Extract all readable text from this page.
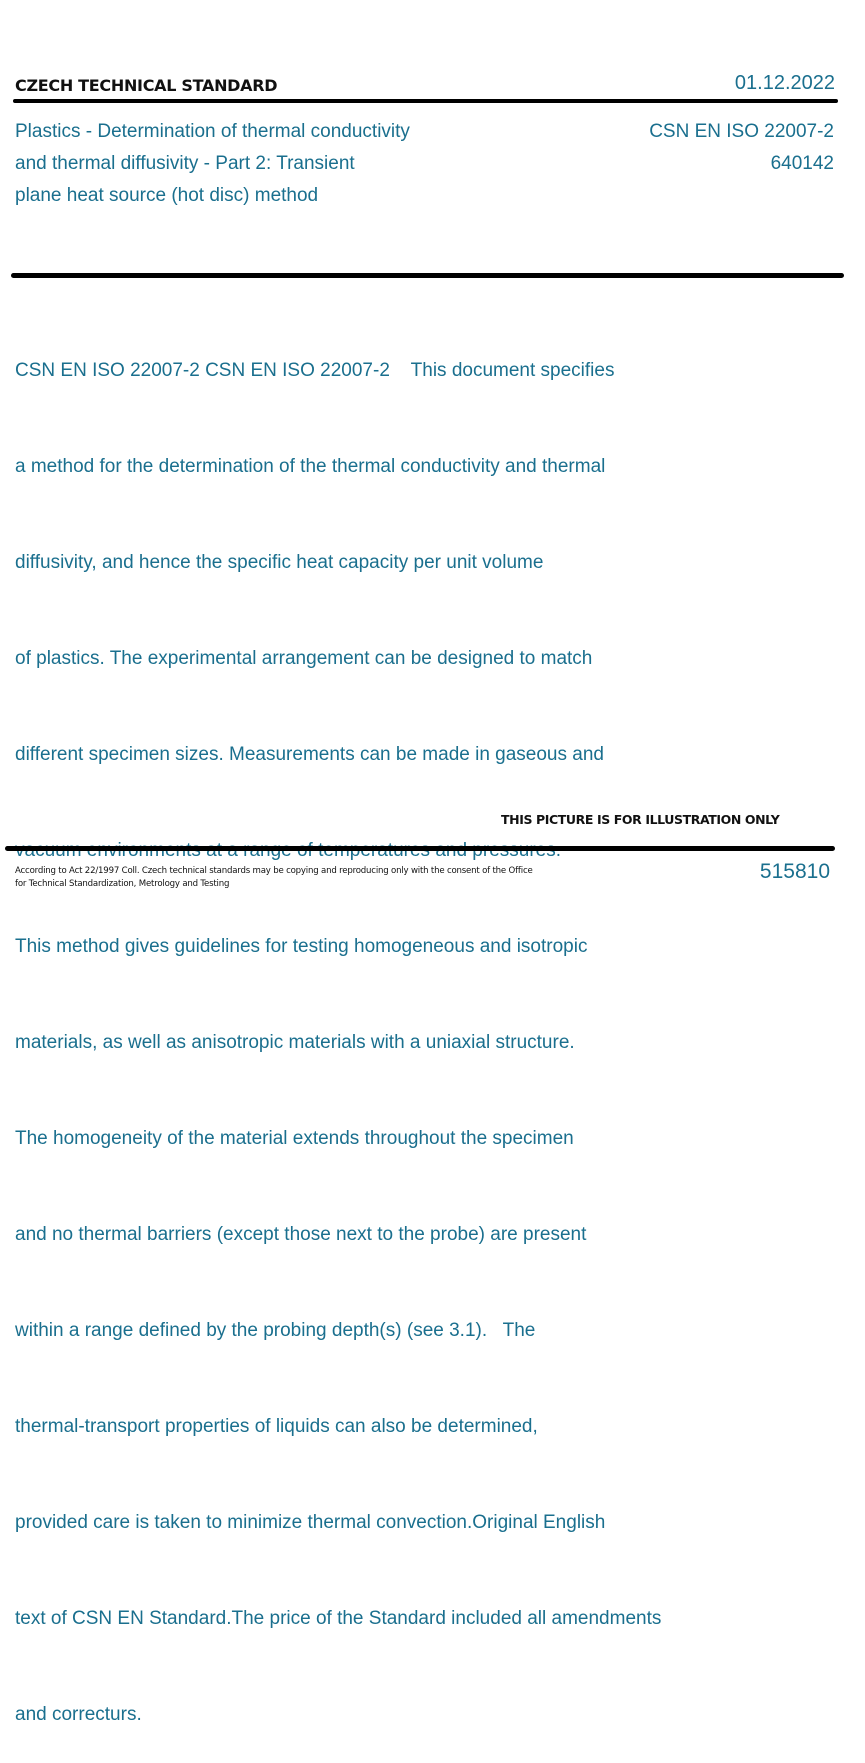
CZECH TECHNICAL STANDARD	01.12.2022
Plastics - Determination of thermal conductivity
and thermal diffusivity - Part 2: Transient
plane heat source (hot disc) method
CSN EN ISO 22007-2
640142

CSN EN ISO 22007-2 CSN EN ISO 22007-2    This document specifies

a method for the determination of the thermal conductivity and thermal

diffusivity, and hence the specific heat capacity per unit volume

of plastics. The experimental arrangement can be designed to match

different specimen sizes. Measurements can be made in gaseous and

This method gives guidelines for testing homogeneous and isotropic

materials, as well as anisotropic materials with a uniaxial structure.

The homogeneity of the material extends throughout the specimen

and no thermal barriers (except those next to the probe) are present

within a range defined by the probing depth(s) (see 3.1).   The

thermal-transport properties of liquids can also be determined,

provided care is taken to minimize thermal convection.Original English

text of CSN EN Standard.The price of the Standard included all amendments

and correcturs.

THIS PICTURE IS FOR ILLUSTRATION ONLY
According to Act 22/1997 Coll. Czech technical standards may be copying and reproducing only with the consent of the Office
for Technical Standardization, Metrology and Testing
515810
